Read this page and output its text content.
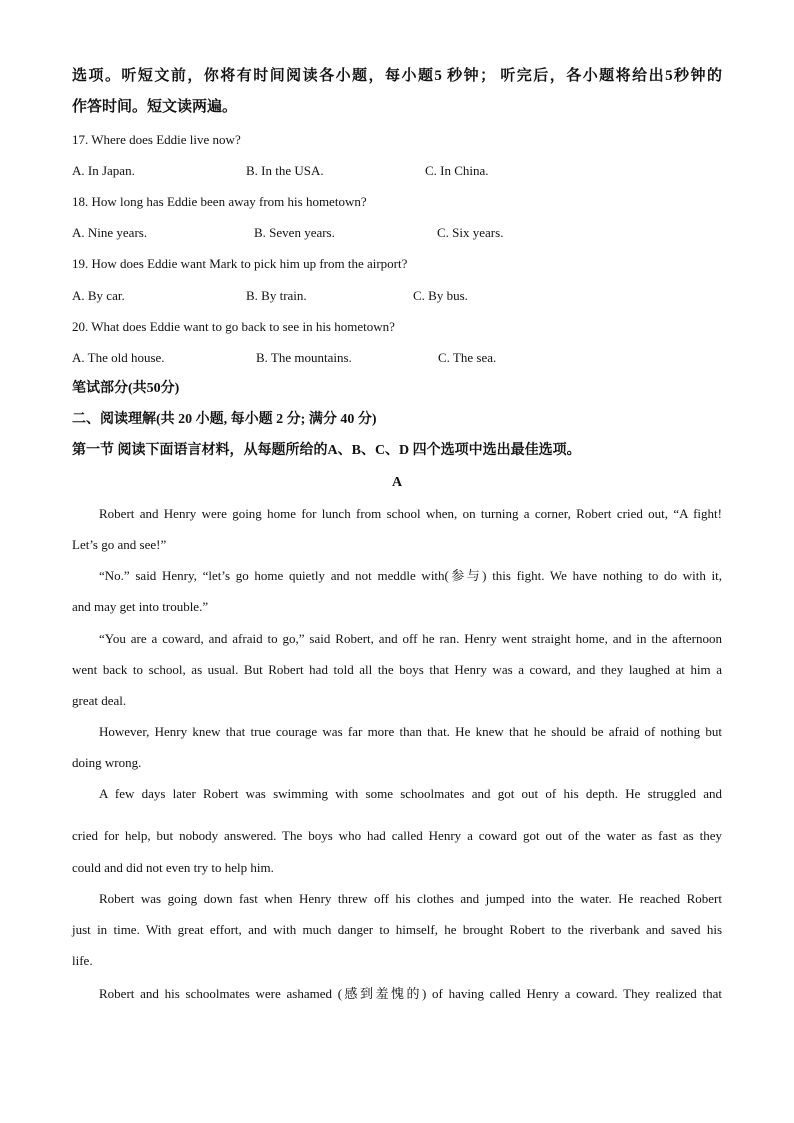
选项。听短文前，你将有时间阅读各小题，每小题5 秒钟； 听完后，各小题将给出5秒钟的
作答时间。短文读两遍。
17. Where does Eddie live now?
A. In Japan.	B. In the USA.	C. In China.
18. How long has Eddie been away from his hometown?
A. Nine years.	B. Seven years.	C. Six years.
19. How does Eddie want Mark to pick him up from the airport?
A. By car.	B. By train.	C. By bus.
20. What does Eddie want to go back to see in his hometown?
A. The old house.	B. The mountains.	C. The sea.
笔试部分(共50分)
二、阅读理解(共 20 小题, 每小题 2 分; 满分 40 分)
第一节 阅读下面语言材料，从每题所给的A、B、C、D 四个选项中选出最佳选项。
A
Robert and Henry were going home for lunch from school when, on turning a corner, Robert cried out, “A fight!
Let’s go and see!”
“No.” said Henry, “let’s go home quietly and not meddle with(参与) this fight. We have nothing to do with it,
and may get into trouble.”
“You are a coward, and afraid to go,” said Robert, and off he ran. Henry went straight home, and in the afternoon
went back to school, as usual. But Robert had told all the boys that Henry was a coward, and they laughed at him a
great deal.
However, Henry knew that true courage was far more than that. He knew that he should be afraid of nothing but
doing wrong.
A few days later Robert was swimming with some schoolmates and got out of his depth. He struggled and
cried for help, but nobody answered. The boys who had called Henry a coward got out of the water as fast as they
could and did not even try to help him.
Robert was going down fast when Henry threw off his clothes and jumped into the water. He reached Robert
just in time. With great effort, and with much danger to himself, he brought Robert to the riverbank and saved his
life.
Robert and his schoolmates were ashamed (感到羞愧的) of having called Henry a coward. They realized that
